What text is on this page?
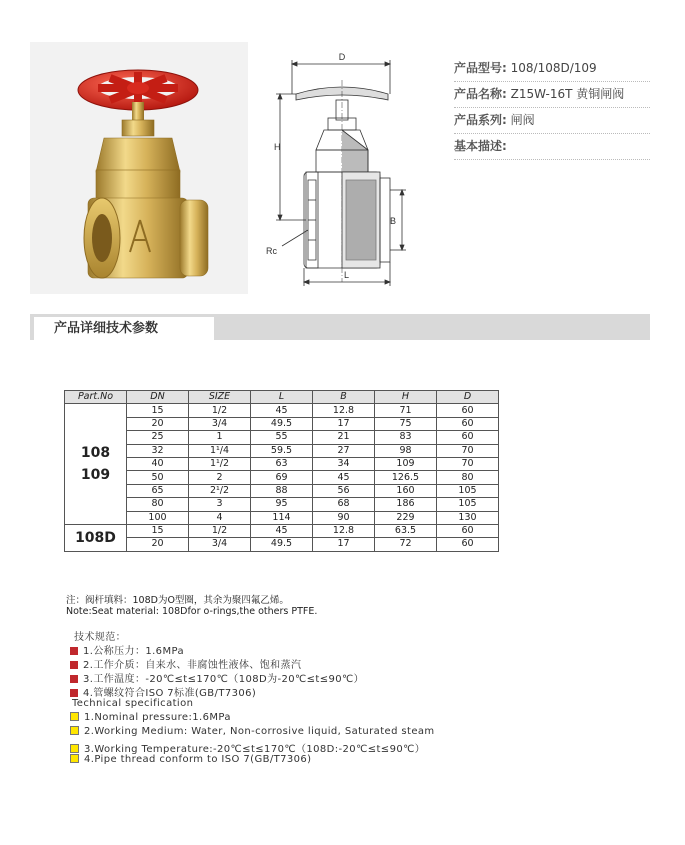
D
H
B
L
Rc
产品型号: 108/108D/109
产品名称: Z15W-16T 黄铜闸阀
产品系列: 闸阀
基本描述:
产品详细技术参数
Part.No	DN	SIZE	L	B	H	D

108
109	15	1/2	45	12.8	71	60
	20	3/4	49.5	17	75	60
	25	1	55	21	83	60
	32	1¹/4	59.5	27	98	70
	40	1¹/2	63	34	109	70
	50	2	69	45	126.5	80
	65	2¹/2	88	56	160	105
	80	3	95	68	186	105
	100	4	114	90	229	130

108D	15	1/2	45	12.8	63.5	60
	20	3/4	49.5	17	72	60
注：阀杆填料：108D为O型圈，其余为聚四氟乙烯。
Note:Seat material: 108Dfor o-rings,the others PTFE.
技术规范：
1.公称压力：1.6MPa
2.工作介质：自来水、非腐蚀性液体、饱和蒸汽
3.工作温度：-20℃≤t≤170℃（108D为-20℃≤t≤90℃）
4.管螺纹符合ISO 7标准(GB/T7306)
Technical specification
1.Nominal pressure:1.6MPa
2.Working Medium: Water, Non-corrosive liquid, Saturated steam
3.Working Temperature:-20℃≤t≤170℃（108D:-20℃≤t≤90℃）
4.Pipe thread conform to ISO 7(GB/T7306)
